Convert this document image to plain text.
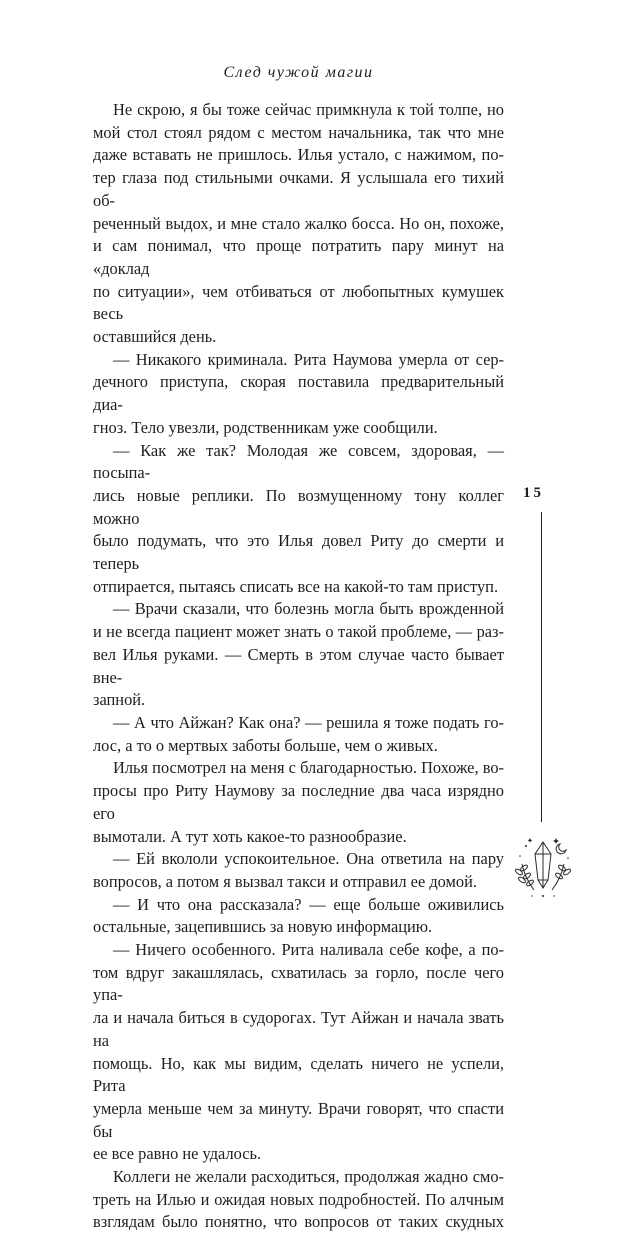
След чужой магии

Не скрою, я бы тоже сейчас примкнула к той толпе, но
мой стол стоял рядом с местом начальника, так что мне
даже вставать не пришлось. Илья устало, с нажимом, по-
тер глаза под стильными очками. Я услышала его тихий об-
реченный выдох, и мне стало жалко босса. Но он, похоже,
и сам понимал, что проще потратить пару минут на «доклад
по ситуации», чем отбиваться от любопытных кумушек весь
оставшийся день.

— Никакого криминала. Рита Наумова умерла от сер-
дечного приступа, скорая поставила предварительный диа-
гноз. Тело увезли, родственникам уже сообщили.

— Как же так? Молодая же совсем, здоровая, — посыпа-
лись новые реплики. По возмущенному тону коллег можно
было подумать, что это Илья довел Риту до смерти и теперь
отпирается, пытаясь списать все на какой-то там приступ.

— Врачи сказали, что болезнь могла быть врожденной
и не всегда пациент может знать о такой проблеме, — раз-
вел Илья руками. — Смерть в этом случае часто бывает вне-
запной.

— А что Айжан? Как она? — решила я тоже подать го-
лос, а то о мертвых заботы больше, чем о живых.

Илья посмотрел на меня с благодарностью. Похоже, во-
просы про Риту Наумову за последние два часа изрядно его
вымотали. А тут хоть какое-то разнообразие.

— Ей вкололи успокоительное. Она ответила на пару
вопросов, а потом я вызвал такси и отправил ее домой.

— И что она рассказала? — еще больше оживились
остальные, зацепившись за новую информацию.

— Ничего особенного. Рита наливала себе кофе, а по-
том вдруг закашлялась, схватилась за горло, после чего упа-
ла и начала биться в судорогах. Тут Айжан и начала звать на
помощь. Но, как мы видим, сделать ничего не успели, Рита
умерла меньше чем за минуту. Врачи говорят, что спасти бы
ее все равно не удалось.

Коллеги не желали расходиться, продолжая жадно смо-
треть на Илью и ожидая новых подробностей. По алчным
взглядам было понятно, что вопросов от таких скудных

15
